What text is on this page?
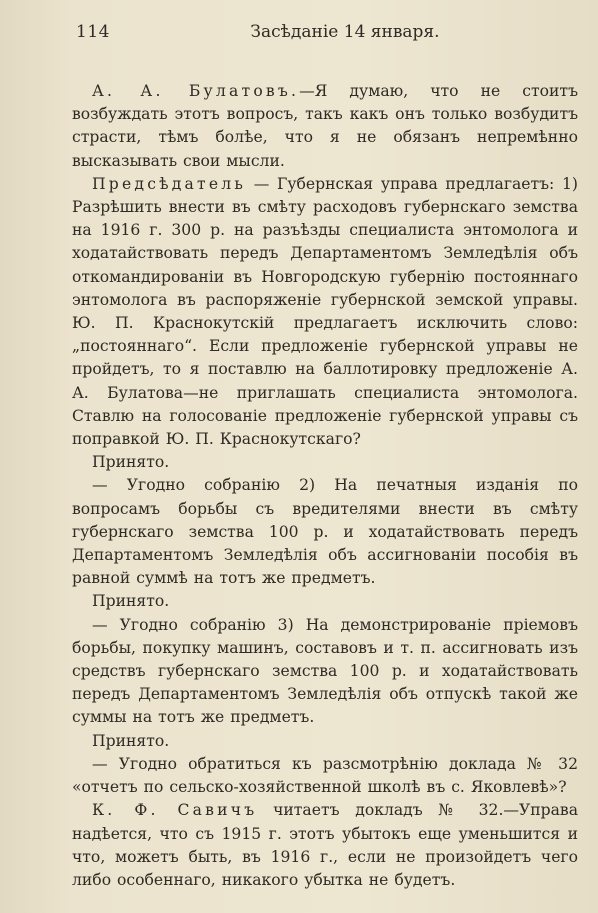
114	Засѣданіе 14 января.

А. А. Булатовъ.—Я думаю, что не стоитъ возбуждать этотъ вопросъ, такъ какъ онъ только возбудитъ страсти, тѣмъ болѣе, что я не обязанъ непремѣнно высказывать свои мысли.

Предсѣдатель — Губернская управа предлагаетъ: 1) Разрѣшить внести въ смѣту расходовъ губернскаго земства на 1916 г. 300 р. на разъѣзды специалиста энтомолога и ходатайствовать передъ Департаментомъ Земледѣлія объ откомандированіи въ Новгородскую губернію постояннаго энтомолога въ распоряженіе губернской земской управы. Ю. П. Краснокутскій предлагаетъ исключить слово: „постояннаго“. Если предложеніе губернской управы не пройдетъ, то я поставлю на баллотировку предложеніе А. А. Булатова—не приглашать специалиста энтомолога. Ставлю на голосованіе предложеніе губернской управы съ поправкой Ю. П. Краснокутскаго?

Принято.

— Угодно собранію 2) На печатныя изданія по вопросамъ борьбы съ вредителями внести въ смѣту губернскаго земства 100 р. и ходатайствовать передъ Департаментомъ Земледѣлія объ ассигнованіи пособія въ равной суммѣ на тотъ же предметъ.

Принято.

— Угодно собранію 3) На демонстрированіе пріемовъ борьбы, покупку машинъ, составовъ и т. п. ассигновать изъ средствъ губернскаго земства 100 р. и ходатайствовать передъ Департаментомъ Земледѣлія объ отпускѣ такой же суммы на тотъ же предметъ.

Принято.

— Угодно обратиться къ разсмотрѣнію доклада № 32 «отчетъ по сельско-хозяйственной школѣ въ с. Яковлевѣ»?

К. Ф. Савичъ читаетъ докладъ № 32.—Управа надѣется, что съ 1915 г. этотъ убытокъ еще уменьшится и что, можетъ быть, въ 1916 г., если не произойдетъ чего либо особеннаго, никакого убытка не будетъ.
